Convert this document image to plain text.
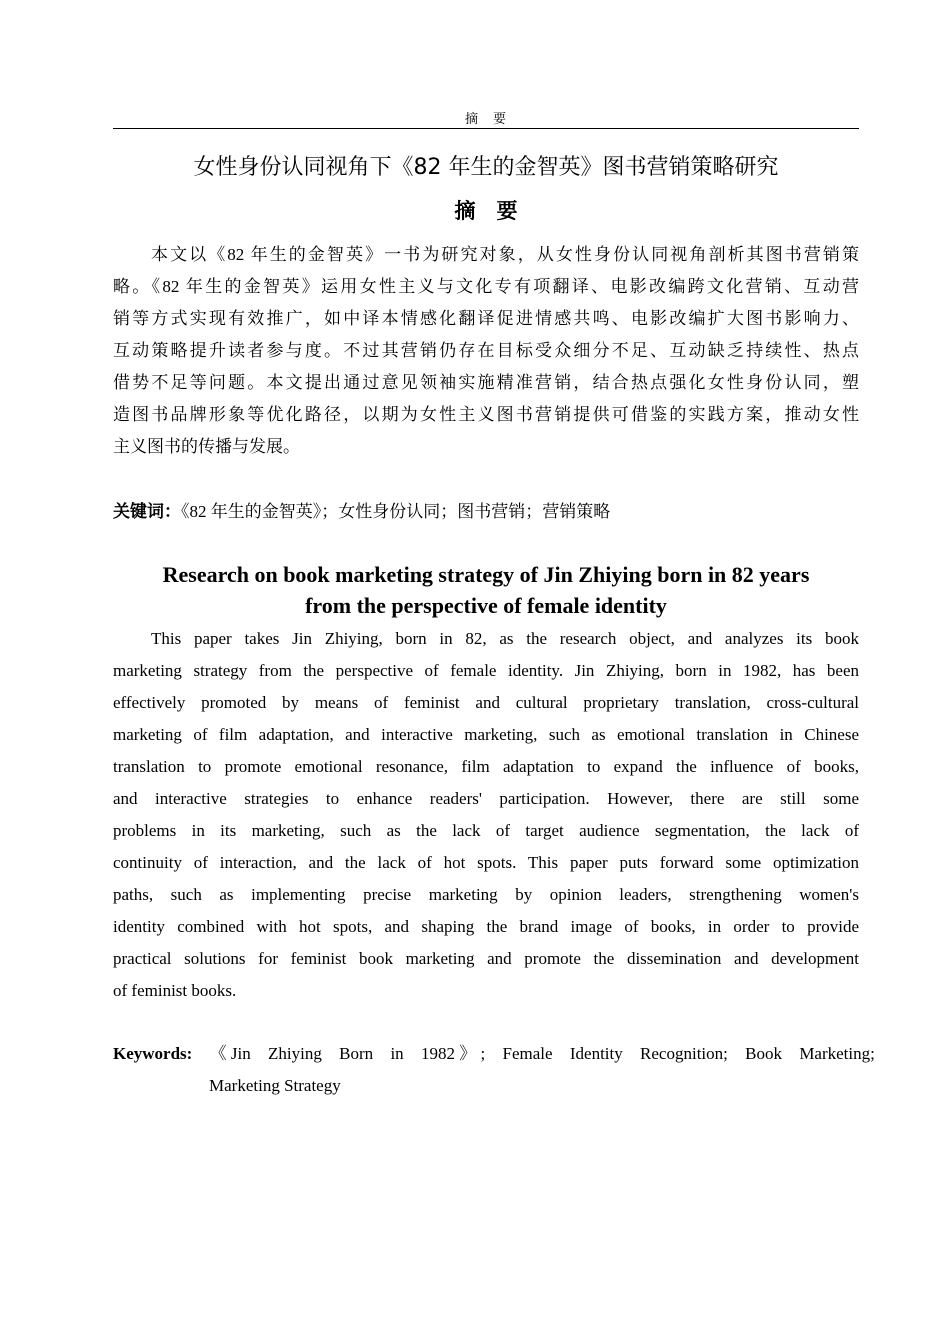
摘　要
女性身份认同视角下《82 年生的金智英》图书营销策略研究
摘　要
本文以《82 年生的金智英》一书为研究对象，从女性身份认同视角剖析其图书营销策
略。《82 年生的金智英》运用女性主义与文化专有项翻译、电影改编跨文化营销、互动营
销等方式实现有效推广，如中译本情感化翻译促进情感共鸣、电影改编扩大图书影响力、
互动策略提升读者参与度。不过其营销仍存在目标受众细分不足、互动缺乏持续性、热点
借势不足等问题。本文提出通过意见领袖实施精准营销，结合热点强化女性身份认同，塑
造图书品牌形象等优化路径，以期为女性主义图书营销提供可借鉴的实践方案，推动女性
主义图书的传播与发展。
关键词：《82 年生的金智英》；女性身份认同；图书营销；营销策略
Research on book marketing strategy of Jin Zhiying born in 82 years
from the perspective of female identity
This paper takes Jin Zhiying, born in 82, as the research object, and analyzes its book
marketing strategy from the perspective of female identity. Jin Zhiying, born in 1982, has been
effectively promoted by means of feminist and cultural proprietary translation, cross-cultural
marketing of film adaptation, and interactive marketing, such as emotional translation in Chinese
translation to promote emotional resonance, film adaptation to expand the influence of books,
and interactive strategies to enhance readers' participation. However, there are still some
problems in its marketing, such as the lack of target audience segmentation, the lack of
continuity of interaction, and the lack of hot spots. This paper puts forward some optimization
paths, such as implementing precise marketing by opinion leaders, strengthening women's
identity combined with hot spots, and shaping the brand image of books, in order to provide
practical solutions for feminist book marketing and promote the dissemination and development
of feminist books.
Keywords: 《 Jin Zhiying Born in 1982 》 ; Female Identity Recognition; Book Marketing;
Marketing Strategy
